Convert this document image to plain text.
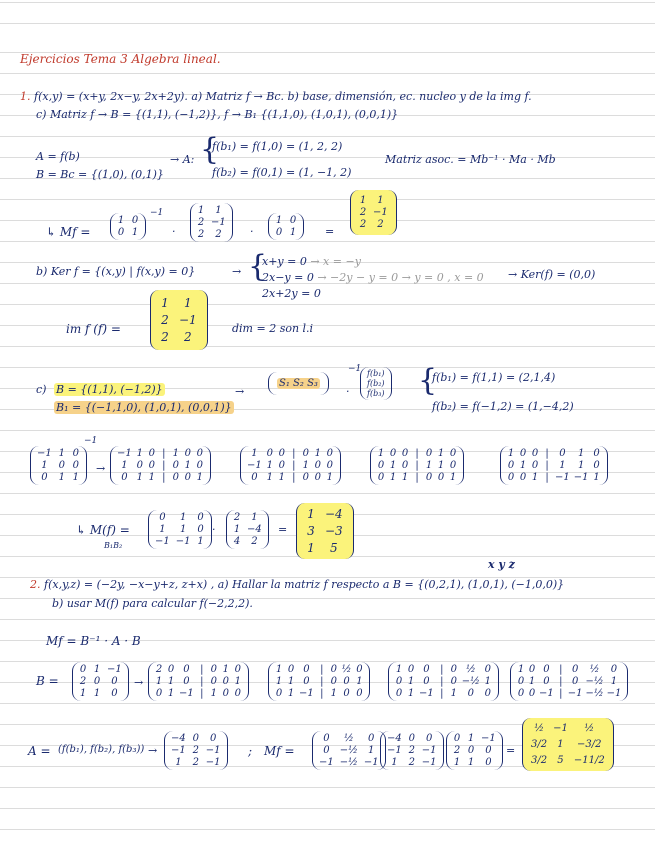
Ejercicios Tema 3 Algebra lineal.
1. f(x,y) = (x+y, 2x−y, 2x+2y). a) Matriz f → Bc. b) base, dimensión, ec. nucleo y de la img f.
c) Matriz f → B = {(1,1), (−1,2)}, f → B₁ {(1,1,0), (1,0,1), (0,0,1)}
A = f(b)
B = Bc = {(1,0), (0,1)}
→ A: {
f(b₁) = f(1,0) = (1, 2, 2)
f(b₂) = f(0,1) = (1, −1, 2)
Matriz asoc. = Mb⁻¹ · Ma · Mb
↳ Mf =
1 0
0 1
−1
·
1	1
2 −1
2	2	·
1 0
0 1	=
1	1
2 −1
2	2
b) Ker f = {(x,y) | f(x,y) = 0}	→ {
x+y = 0 → x = −y
2x−y = 0 → −2y − y = 0 → y = 0 , x = 0
2x+2y = 0
→ Ker(f) = (0,0)
im f (f) =
1	1
2 −1
2	2
dim = 2 son l.i
c) B = {(1,1), (−1,2)}
B₁ = {(−1,1,0), (1,0,1), (0,0,1)}
→
S₁ S₂ S₃
−1
·
f(b₁)
f(b₂)
f(b₃) {
f(b₁) = f(1,1) = (2,1,4)
f(b₂) = f(−1,2) = (1,−4,2)
−1 1 0
1	0 0
0	1 1
−1
→
−1 1 0 | 1 0 0
1 0 0 | 0 1 0
0 1 1 | 0 0 1
1 0 0 | 0 1 0
−1 1 0 | 1 0 0
0 1 1 | 0 0 1
1 0 0 | 0 1 0
0 1 0 | 1 1 0
0 1 1 | 0 0 1
1 0 0 |	0	1 0
0 1 0 |	1	1 0
0 0 1 | −1 −1 1
↳ M(f) =
B₁B₂
0	1	0
1	1	0
−1 −1 1
·
2	1
1 −4
4	2
=
1 −4
3 −3
1	5
x y z
2. f(x,y,z) = (−2y, −x−y+z, z+x) , a) Hallar la matriz f respecto a B = {(0,2,1), (1,0,1), (−1,0,0)}
b) usar M(f) para calcular f(−2,2,2).
Mf = B⁻¹ · A · B
B =
0 1 −1
2 0	0
1 1	0
→
2 0 0	| 0 1 0
1 1 0	| 0 0 1
0 1 −1 | 1 0 0
1 0 0	| 0 ½ 0
1 1 0	| 0 0 1
0 1 −1 | 1 0 0
1 0 0	| 0 ½ 0
0 1 0	| 0 −½ 1
0 1 −1 | 1	0	0
1 0 0 | 0	½	0
0 1 0 | 0 −½ 1
0 0 −1 | −1 −½ −1
A = (f(b₁), f(b₂), f(b₃)) →
−4 0	0
−1 2 −1
1	2 −1
; Mf =
0	½	0
0	−½	1
−1 −½ −1
−4 0	0
−1 2 −1
1	2 −1
0 1 −1
2 0	0
1 1	0
=
½ −1	½
3/2	1	−3/2
3/2	5	−11/2
